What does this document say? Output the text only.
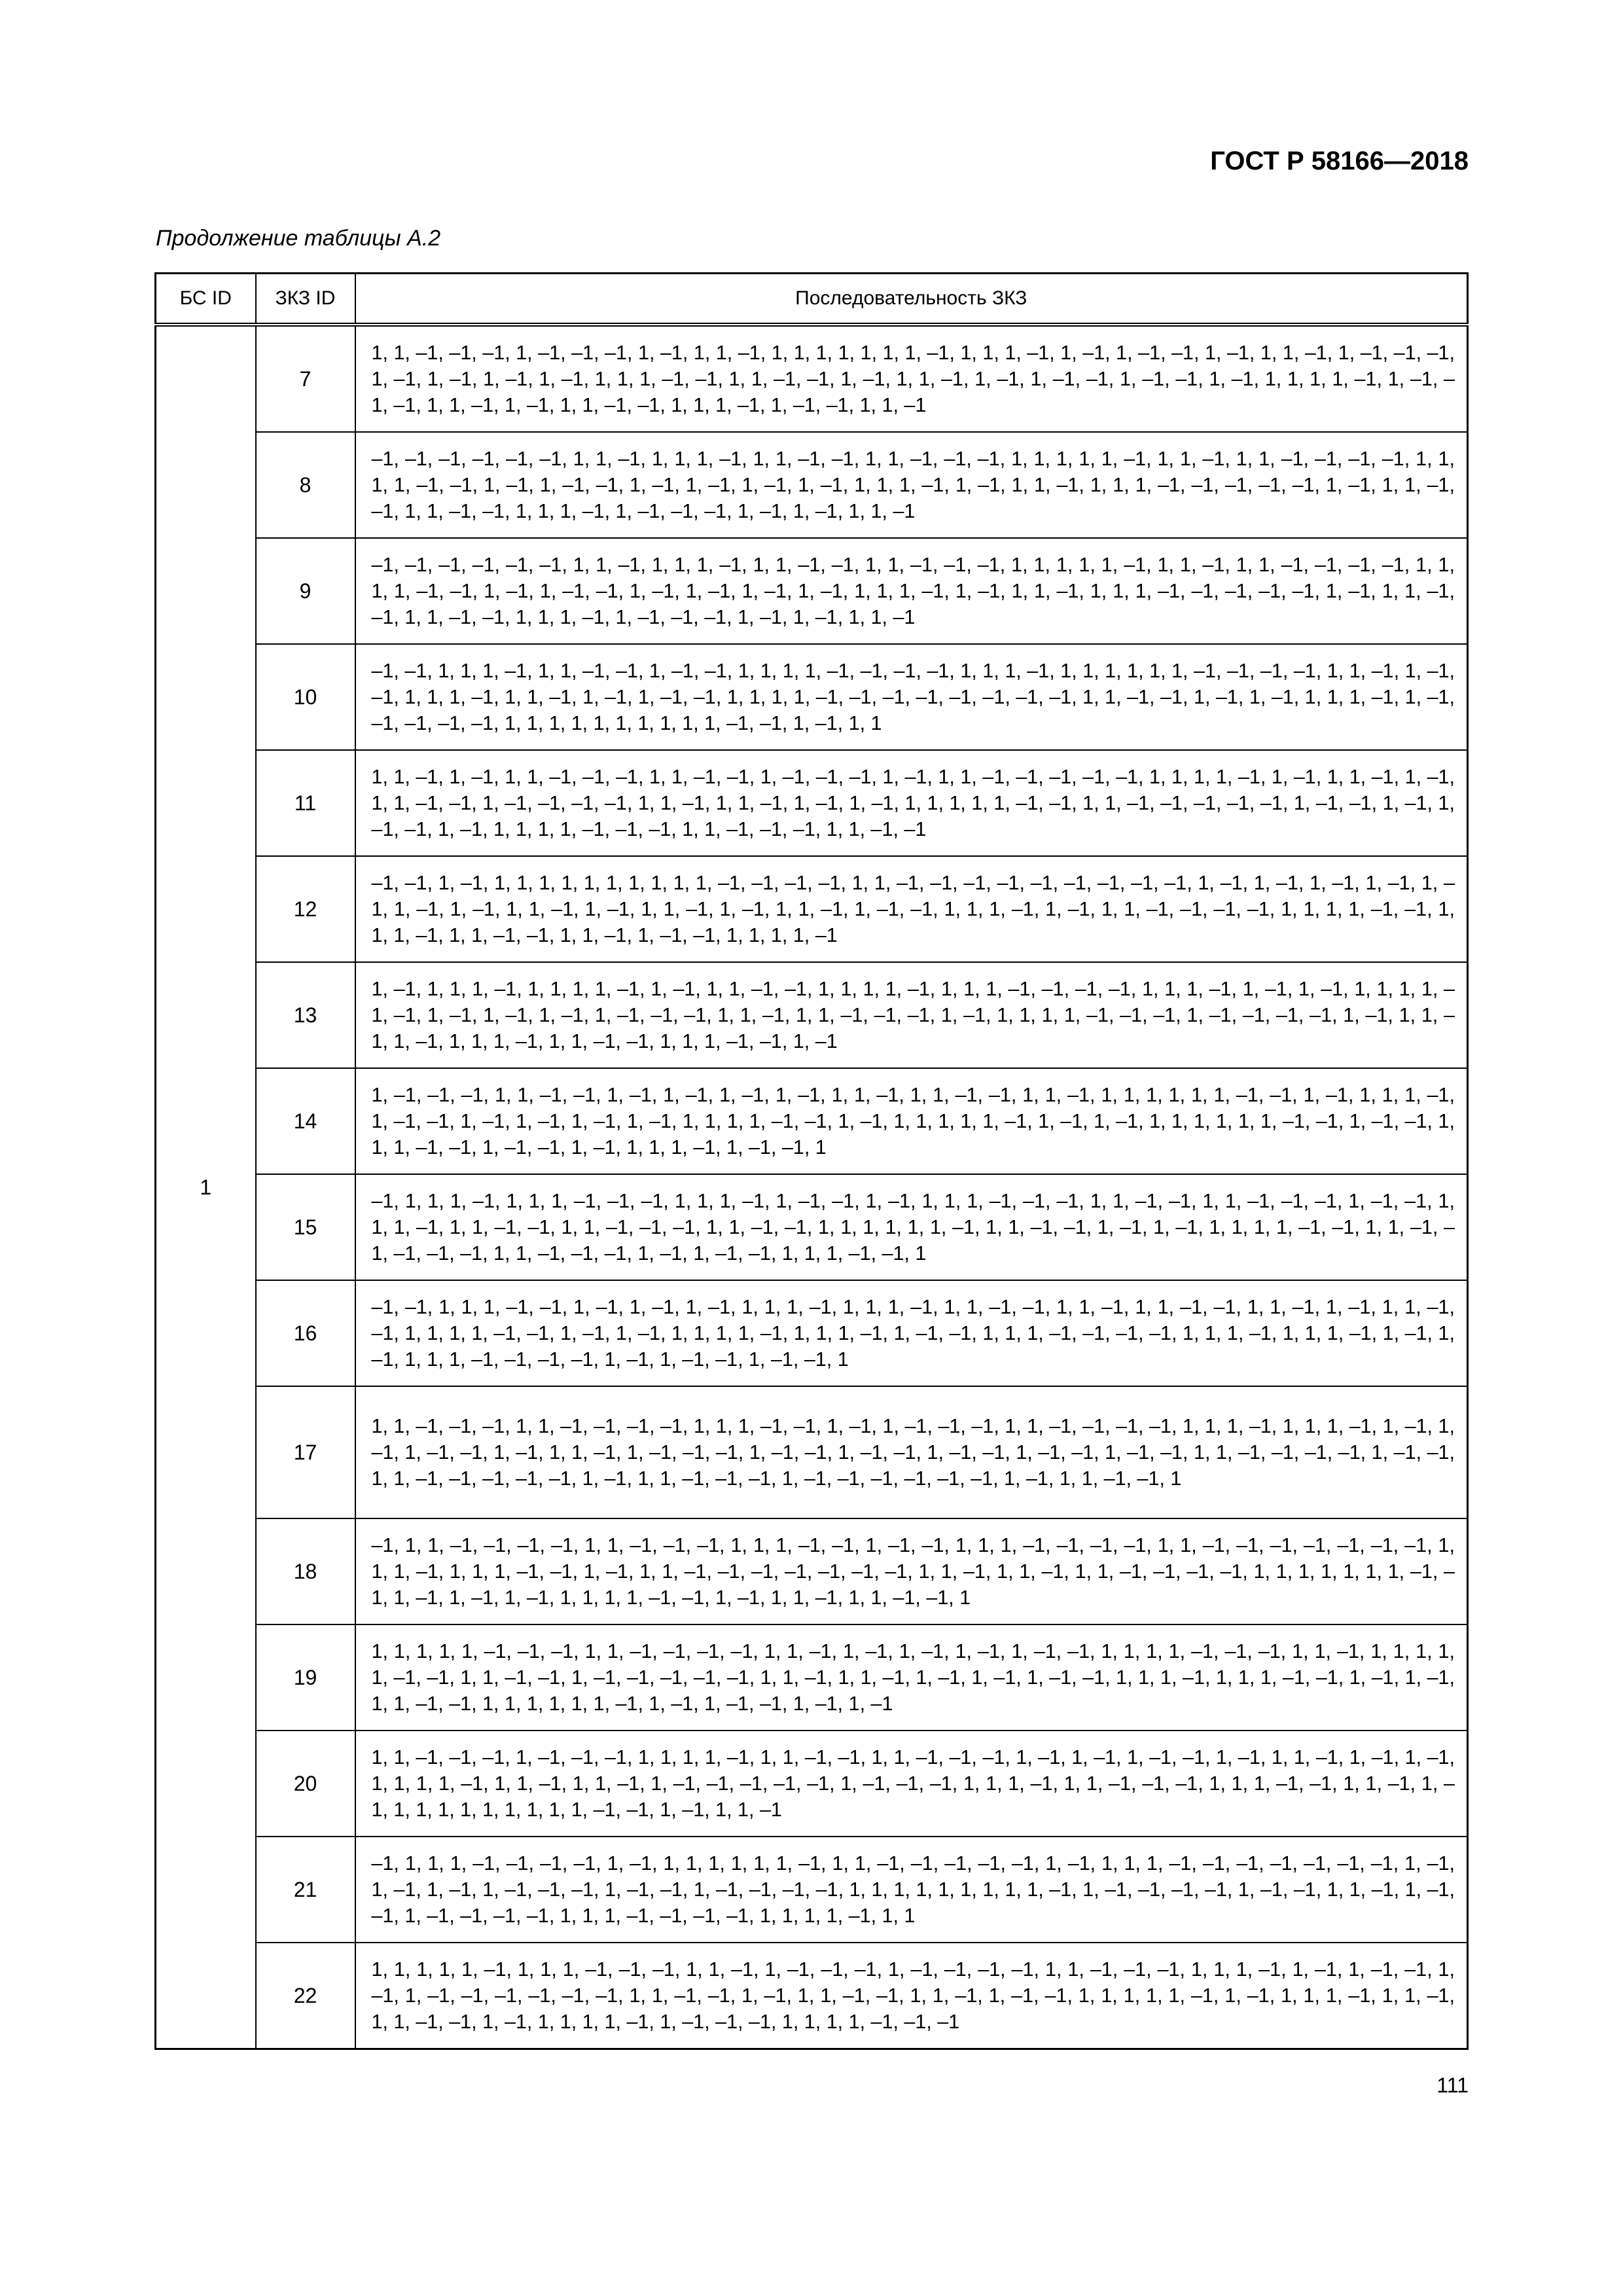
ГОСТ Р 58166—2018
Продолжение таблицы А.2
БС ID	ЗКЗ ID	Последовательность ЗКЗ
1	7	1, 1, –1, –1, –1, 1, –1, –1, –1, 1, –1, 1, 1, –1, 1, 1, 1, 1, 1, 1, 1, –1, 1, 1, 1, –1, 1, –1, 1, –1, –1, 1, –1, 1, 1, –1, 1, –1, –1, –1, 1, –1, 1, –1, 1, –1, 1, –1, 1, 1, 1, –1, –1, 1, 1, –1, –1, 1, –1, 1, 1, –1, 1, –1, 1, –1, –1, 1, –1, –1, 1, –1, 1, 1, 1, 1, –1, 1, –1, –1, –1, 1, 1, –1, 1, –1, 1, 1, –1, –1, 1, 1, 1, –1, 1, –1, –1, 1, 1, –1
	8	–1, –1, –1, –1, –1, –1, 1, 1, –1, 1, 1, 1, –1, 1, 1, –1, –1, 1, 1, –1, –1, –1, 1, 1, 1, 1, 1, –1, 1, 1, –1, 1, 1, –1, –1, –1, –1, 1, 1, 1, 1, –1, –1, 1, –1, 1, –1, –1, 1, –1, 1, –1, 1, –1, 1, –1, 1, 1, 1, –1, 1, –1, 1, 1, –1, 1, 1, 1, –1, –1, –1, –1, –1, 1, –1, 1, 1, –1, –1, 1, 1, –1, –1, 1, 1, 1, –1, 1, –1, –1, –1, 1, –1, 1, –1, 1, 1, –1
	9	–1, –1, –1, –1, –1, –1, 1, 1, –1, 1, 1, 1, –1, 1, 1, –1, –1, 1, 1, –1, –1, –1, 1, 1, 1, 1, 1, –1, 1, 1, –1, 1, 1, –1, –1, –1, –1, 1, 1, 1, 1, –1, –1, 1, –1, 1, –1, –1, 1, –1, 1, –1, 1, –1, 1, –1, 1, 1, 1, –1, 1, –1, 1, 1, –1, 1, 1, 1, –1, –1, –1, –1, –1, 1, –1, 1, 1, –1, –1, 1, 1, –1, –1, 1, 1, 1, –1, 1, –1, –1, –1, 1, –1, 1, –1, 1, 1, –1
	10	–1, –1, 1, 1, 1, –1, 1, 1, –1, –1, 1, –1, –1, 1, 1, 1, 1, –1, –1, –1, –1, 1, 1, 1, –1, 1, 1, 1, 1, 1, 1, –1, –1, –1, –1, 1, 1, –1, 1, –1, –1, 1, 1, 1, –1, 1, 1, –1, 1, –1, 1, –1, –1, 1, 1, 1, 1, –1, –1, –1, –1, –1, –1, –1, –1, 1, 1, –1, –1, 1, –1, 1, –1, 1, 1, 1, –1, 1, –1, –1, –1, –1, –1, 1, 1, 1, 1, 1, 1, 1, 1, 1, 1, –1, –1, 1, –1, 1, 1
	11	1, 1, –1, 1, –1, 1, 1, –1, –1, –1, 1, 1, –1, –1, 1, –1, –1, –1, 1, –1, 1, 1, –1, –1, –1, –1, –1, 1, 1, 1, 1, –1, 1, –1, 1, 1, –1, 1, –1, 1, 1, –1, –1, 1, –1, –1, –1, –1, 1, 1, –1, 1, 1, –1, 1, –1, 1, –1, 1, 1, 1, 1, 1, –1, –1, 1, 1, –1, –1, –1, –1, –1, 1, –1, –1, 1, –1, 1, –1, –1, 1, –1, 1, 1, 1, 1, –1, –1, –1, 1, 1, –1, –1, –1, 1, 1, –1, –1
	12	–1, –1, 1, –1, 1, 1, 1, 1, 1, 1, 1, 1, 1, 1, –1, –1, –1, –1, 1, 1, –1, –1, –1, –1, –1, –1, –1, –1, –1, 1, –1, 1, –1, 1, –1, 1, –1, 1, –1, 1, –1, 1, –1, 1, 1, –1, 1, –1, 1, 1, –1, 1, –1, 1, 1, –1, 1, –1, –1, 1, 1, 1, –1, 1, –1, 1, 1, –1, –1, –1, –1, 1, 1, 1, 1, –1, –1, 1, 1, 1, –1, 1, 1, –1, –1, 1, 1, –1, 1, –1, –1, 1, 1, 1, 1, –1
	13	1, –1, 1, 1, 1, –1, 1, 1, 1, 1, –1, 1, –1, 1, 1, –1, –1, 1, 1, 1, 1, –1, 1, 1, 1, –1, –1, –1, –1, 1, 1, 1, –1, 1, –1, 1, –1, 1, 1, 1, 1, –1, –1, 1, –1, 1, –1, 1, –1, 1, –1, –1, –1, 1, 1, –1, 1, 1, –1, –1, –1, 1, –1, 1, 1, 1, 1, –1, –1, –1, 1, –1, –1, –1, –1, 1, –1, 1, 1, –1, 1, –1, 1, 1, 1, –1, 1, 1, –1, –1, 1, 1, 1, –1, –1, 1, –1
	14	1, –1, –1, –1, 1, 1, –1, –1, 1, –1, 1, –1, 1, –1, 1, –1, 1, 1, –1, 1, 1, –1, –1, 1, 1, –1, 1, 1, 1, 1, 1, 1, –1, –1, 1, –1, 1, 1, 1, –1, 1, –1, –1, 1, –1, 1, –1, 1, –1, 1, –1, 1, 1, 1, 1, –1, –1, 1, –1, 1, 1, 1, 1, 1, –1, 1, –1, 1, –1, 1, 1, 1, 1, 1, 1, –1, –1, 1, –1, –1, 1, 1, 1, –1, –1, 1, –1, –1, 1, –1, 1, 1, 1, –1, 1, –1, –1, 1
	15	–1, 1, 1, 1, –1, 1, 1, 1, –1, –1, –1, 1, 1, 1, –1, 1, –1, –1, 1, –1, 1, 1, 1, –1, –1, –1, 1, 1, –1, –1, 1, 1, –1, –1, –1, 1, –1, –1, 1, 1, 1, –1, 1, 1, –1, –1, 1, 1, –1, –1, –1, 1, 1, –1, –1, 1, 1, 1, 1, 1, 1, –1, 1, 1, –1, –1, 1, –1, 1, –1, 1, 1, 1, 1, –1, –1, 1, 1, –1, –1, –1, –1, –1, 1, 1, –1, –1, –1, 1, –1, 1, –1, –1, 1, 1, 1, –1, –1, 1
	16	–1, –1, 1, 1, 1, –1, –1, 1, –1, 1, –1, 1, –1, 1, 1, 1, –1, 1, 1, 1, –1, 1, 1, –1, –1, 1, 1, –1, 1, 1, –1, –1, 1, 1, –1, 1, –1, 1, 1, –1, –1, 1, 1, 1, 1, –1, –1, 1, –1, 1, –1, 1, 1, 1, 1, –1, 1, 1, 1, –1, 1, –1, –1, 1, 1, 1, –1, –1, –1, –1, 1, 1, 1, –1, 1, 1, 1, –1, 1, –1, 1, –1, 1, 1, 1, –1, –1, –1, –1, 1, –1, 1, –1, –1, 1, –1, –1, 1
	17	1, 1, –1, –1, –1, 1, 1, –1, –1, –1, –1, 1, 1, 1, –1, –1, 1, –1, 1, –1, –1, –1, 1, 1, –1, –1, –1, –1, 1, 1, 1, –1, 1, 1, 1, –1, 1, –1, 1, –1, 1, –1, –1, 1, –1, 1, 1, –1, 1, –1, –1, –1, 1, –1, –1, 1, –1, –1, 1, –1, –1, 1, –1, –1, 1, –1, –1, 1, 1, –1, –1, –1, –1, 1, –1, –1, 1, 1, –1, –1, –1, –1, –1, 1, –1, 1, 1, –1, –1, –1, 1, –1, –1, –1, –1, –1, –1, 1, –1, 1, 1, –1, –1, 1
	18	–1, 1, 1, –1, –1, –1, –1, 1, 1, –1, –1, –1, 1, 1, 1, –1, –1, 1, –1, –1, 1, 1, 1, –1, –1, –1, –1, 1, 1, –1, –1, –1, –1, –1, –1, –1, 1, 1, 1, –1, 1, 1, 1, –1, –1, 1, –1, 1, 1, –1, –1, –1, –1, –1, –1, –1, 1, 1, –1, 1, 1, –1, 1, 1, –1, –1, –1, –1, 1, 1, 1, 1, 1, 1, 1, –1, –1, 1, –1, 1, –1, 1, –1, 1, 1, 1, 1, –1, –1, 1, –1, 1, 1, –1, 1, 1, –1, –1, 1
	19	1, 1, 1, 1, 1, –1, –1, –1, 1, 1, –1, –1, –1, –1, 1, 1, –1, 1, –1, 1, –1, 1, –1, 1, –1, –1, 1, 1, 1, 1, –1, –1, –1, 1, 1, –1, 1, 1, 1, 1, 1, –1, –1, 1, 1, –1, –1, 1, –1, –1, –1, –1, –1, 1, 1, –1, 1, 1, –1, 1, –1, 1, –1, 1, –1, –1, 1, 1, 1, –1, 1, 1, 1, –1, –1, 1, –1, 1, –1, 1, 1, –1, –1, 1, 1, 1, 1, 1, 1, –1, 1, –1, 1, –1, –1, 1, –1, 1, –1
	20	1, 1, –1, –1, –1, 1, –1, –1, –1, 1, 1, 1, 1, –1, 1, 1, –1, –1, 1, 1, –1, –1, –1, 1, –1, 1, –1, 1, –1, –1, 1, –1, 1, 1, –1, 1, –1, 1, –1, 1, 1, 1, 1, –1, 1, 1, –1, 1, 1, –1, 1, –1, –1, –1, –1, –1, 1, –1, –1, –1, 1, 1, 1, –1, 1, 1, –1, –1, –1, 1, 1, 1, –1, –1, 1, 1, –1, 1, –1, 1, 1, 1, 1, 1, 1, 1, 1, 1, –1, –1, 1, –1, 1, 1, –1
	21	–1, 1, 1, 1, –1, –1, –1, –1, 1, –1, 1, 1, 1, 1, 1, 1, –1, 1, 1, –1, –1, –1, –1, –1, 1, –1, 1, 1, 1, –1, –1, –1, –1, –1, –1, –1, 1, –1, 1, –1, 1, –1, 1, –1, –1, –1, 1, –1, –1, 1, –1, –1, –1, –1, 1, 1, 1, 1, 1, 1, 1, 1, 1, –1, 1, –1, –1, –1, –1, 1, –1, –1, 1, 1, –1, 1, –1, –1, 1, –1, –1, –1, –1, 1, 1, 1, –1, –1, –1, –1, 1, 1, 1, 1, –1, 1, 1
	22	1, 1, 1, 1, 1, –1, 1, 1, 1, –1, –1, –1, 1, 1, –1, 1, –1, –1, –1, 1, –1, –1, –1, –1, 1, 1, –1, –1, –1, 1, 1, 1, –1, 1, –1, 1, –1, –1, 1, –1, 1, –1, –1, –1, –1, –1, –1, 1, 1, –1, –1, 1, –1, 1, 1, –1, –1, 1, 1, –1, 1, –1, –1, 1, 1, 1, 1, 1, –1, 1, –1, 1, 1, 1, –1, 1, 1, –1, 1, 1, –1, –1, 1, –1, 1, 1, 1, 1, –1, 1, –1, –1, –1, 1, 1, 1, 1, –1, –1, –1
111
